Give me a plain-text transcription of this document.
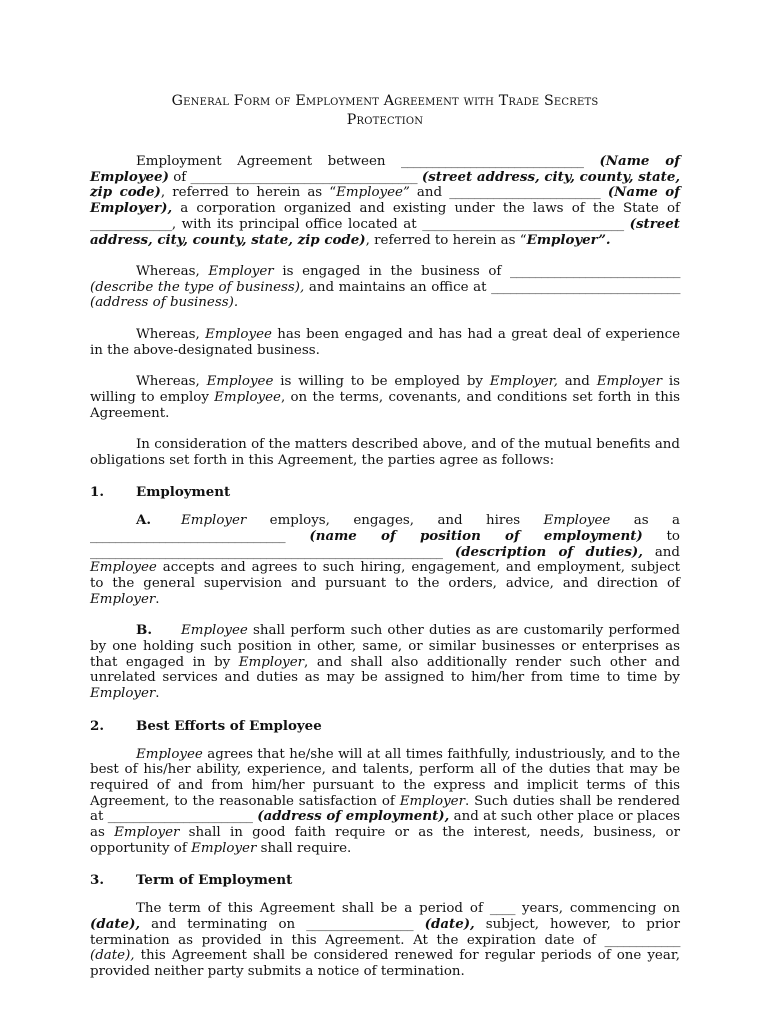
General Form of Employment Agreement with Trade Secrets
Protection

Employment Agreement between _____________________________ (Name of Employee) of ____________________________________ (street address, city, county, state, zip code), referred to herein as “Employee” and ________________________ (Name of Employer), a corporation organized and existing under the laws of the State of _____________, with its principal office located at ________________________________ (street address, city, county, state, zip code), referred to herein as “Employer”.

Whereas, Employer is engaged in the business of ___________________________ (describe the type of business), and maintains an office at ______________________________ (address of business).

Whereas, Employee has been engaged and has had a great deal of experience in the above-designated business.

Whereas, Employee is willing to be employed by Employer, and Employer is willing to employ Employee, on the terms, covenants, and conditions set forth in this Agreement.

In consideration of the matters described above, and of the mutual benefits and obligations set forth in this Agreement, the parties agree as follows:

1.	Employment

A. Employer employs, engages, and hires Employee as a _______________________________ (name of position of employment) to ________________________________________________________ (description of duties), and Employee accepts and agrees to such hiring, engagement, and employment, subject to the general supervision and pursuant to the orders, advice, and direction of Employer.

B. Employee shall perform such other duties as are customarily performed by one holding such position in other, same, or similar businesses or enterprises as that engaged in by Employer, and shall also additionally render such other and unrelated services and duties as may be assigned to him/her from time to time by Employer.

2.	Best Efforts of Employee

Employee agrees that he/she will at all times faithfully, industriously, and to the best of his/her ability, experience, and talents, perform all of the duties that may be required of and from him/her pursuant to the express and implicit terms of this Agreement, to the reasonable satisfaction of Employer. Such duties shall be rendered at _______________________ (address of employment), and at such other place or places as Employer shall in good faith require or as the interest, needs, business, or opportunity of Employer shall require.

3.	Term of Employment

The term of this Agreement shall be a period of ____ years, commencing on (date), and terminating on _________________ (date), subject, however, to prior termination as provided in this Agreement. At the expiration date of ____________ (date), this Agreement shall be considered renewed for regular periods of one year, provided neither party submits a notice of termination.
